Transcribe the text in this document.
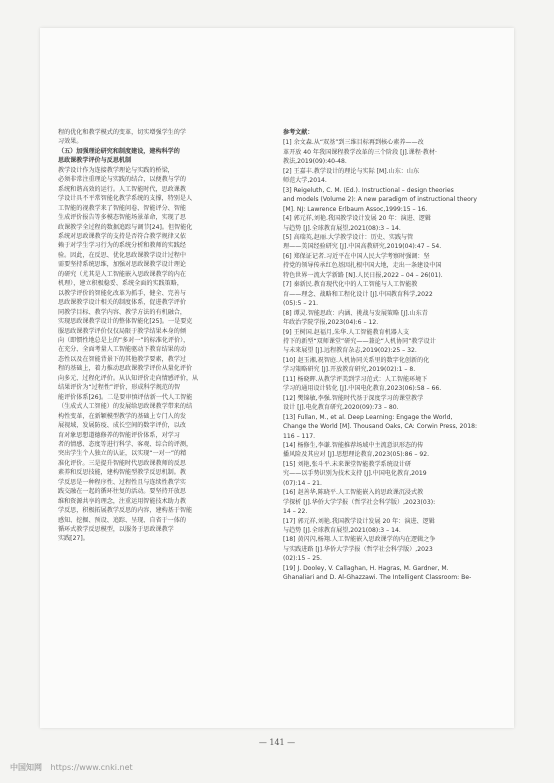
程的优化和教学模式的变革，切实增强学生的学
习效果。
（五）加强理论研究和制度建设，建构科学的
思政课教学评价与反思机制
教学设计作为连接教学理论与实践的桥梁，
必须非常注重理论与实践的结合，以便教与学的
系统和谐高效的运行。人工智能时代，思政课教
学设计具不平常智能化教学系统的支撑，特别是人
工智能的视教学来了智能问卷、智能评分、智能
生成评价报告等多模态智能场景革命，实现了思
政课教学全过程的数据追踪与调节[24]。但智能化
系统对思政课教学的支持是否符合教学规律又依
赖于对学生学习行为的系统分析和教师的实践经
验。因此，在反思、优化思政课教学设计过程中
需要坚持系统思维，加强对思政课教学设计理论
的研究（尤其是人工智能嵌入思政课教学的内在
机理），建立积极稳妥、系统全面的实践策略，
以教学评价的智能化改革为抓手，健全、完善与
思政课教学设计相关的制度体系，促进教学评价
同教学目标、教学内容、教学方法的有机融合，
实现思政课教学设计的整体智能化[25]。一是要克
服思政课教学评价仅仅局限于教学结果本身的倾
向（即惯性地总是上的“多对一”的标准化评价），
在充分、全面考量人工智能驱动下教育结果的动
态性以及在智能背景下的其他教学要素，教学过
程的基础上，着力推动思政课教学评价从量化评价
向多元、过程化评价。从认知评价走向情感评价，从
结果评价为“过程性”评价，形成科学规范的智
能评价体系[26]。二是要审慎评估新一代人工智能
（生成式人工智能）的发展给思政课教学带来的结
构性变革，在新颖模型教学的基础上专门人的发
展视域，发展防疫、成长空间的数字评价，以改
育对象思想道德修养的智能评价体系，对学习
者的情感、态度等进行科学、客观、综合的评测，
突出学生个人独立的认证，以实现“一对一”的精
准化评价。三是提升智能时代思政课教师的反思
素养和反思技能，建构智能型教学反思机制。教
学反思是一种程序性、过程性且与连续性教学实
践交融在一起的循环往复的活动。要坚持开放思
维和资源共享的理念，注重运用智能技术助力教
学反思，积极拓展教学反思的内容，建构基于智能
感知、挖掘、预设、追踪、呈现、自省于一体的
循环式教学反思模型，以服务于思政课教学
实践[27]。
参考文献：
[1] 余文森.从“双基”到三维目标再到核心素养——改
革开放 40 年我国课程教学改革的三个阶段 [J].课程·教材·
教法,2019(09):40-48.
[2] 王嘉丰.教学设计的理论与实际 [M].山东：山东
师范大学,2014.
[3] Reigeluth, C. M. (Ed.). Instructional – design theories
and models (Volume 2): A new paradigm of instructional theory
[M]. NJ: Lawrence Erlbaum Assoc,1999:15 – 16.
[4] 郭元祥,刘艳.我国教学设计发展 20 年：演进、逻辑
与趋势 [J].全球教育展望,2021(08):3 – 14.
[5] 高瑞英,赵丽.大学教学设计：历史、实践与管
理——美国经验研究 [J].中国高教研究,2019(04):47 – 54.
[6] 郑保证记者.习近平在中国人民大学考察时强调：坚
持党的领导传承红色基因扎根中国大地，走出一条建设中国
特色世界一流大学新路 [N].人民日报,2022 – 04 – 26(01).
[7] 秦新民.教育现代化中的人工智能与人工智能教
育——理念、战略和工程化设计 [J].中国教育科学,2022
(05):5 – 21.
[8] 谭灵.智能思政：内涵、挑战与发展策略 [J].山东青
年政治学院学报,2023(04):6 – 12.
[9] 王树国.赵福月,朱华.人工智能教育机器人支
持下的新型“双师课堂”研究——兼论“人机协同”教学设计
与未来展望 [J].远程教育杂志,2019(02):25 – 32.
[10] 赵玉湘,祝智庭.人机协同关系里的数字化创新的化
学习策略研究 [J].开放教育研究,2019(02):1 – 8.
[11] 杨晓晖.从教学评美到学习范式：人工智能环境下
学习的通用设计转化 [J].中国电化教育,2023(06):58 – 66.
[12] 樊锦敏,李强.智能时代基于深度学习的课堂教学
设计 [J].电化教育研究,2020(09):73 – 80.
[13] Fullan, M., et al. Deep Learning: Engage the World,
Change the World [M]. Thousand Oaks, CA: Corwin Press, 2018:
116 – 117.
[14] 杨修生,李谦.智能推荐场域中主流意识形态的传
播风险及其应对 [J].思想理论教育,2023(05):86 – 92.
[15] 刘艳,张斗平.未来课堂智能教学系统设计研
究——以手势识别为技术支持 [J].中国电化教育,2019
(07):14 – 21.
[16] 赵善华,陈晓平.人工智能嵌入的思政课沉浸式教
学探析 [J].华侨大学学报（哲学社会科学版）,2023(03):
14 – 22.
[17] 郭元祥,刘艳.我国教学设计发展 20 年：演进、逻辑
与趋势 [J].全球教育展望,2021(08):3 – 14.
[18] 黄闪闪,杨翔.人工智能嵌入思政课学的内在逻辑之争
与实践进路 [J].华侨大学学报（哲学社会科学版）,2023
(02):15 – 25.
[19] J. Dooley, V. Callaghan, H. Hagras, M. Gardner, M.
Ghanaliari and D. Al-Ghazzawi. The Intelligent Classroom: Be-
— 141 —
中国知网 https://www.cnki.net
